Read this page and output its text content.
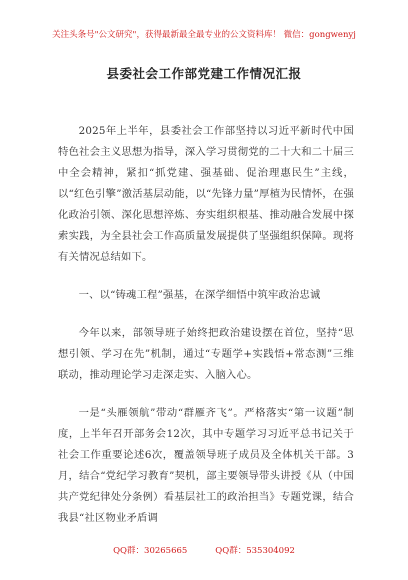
关注头条号"公文研究"，获得最新最全最专业的公文资料库！ 微信：gongwenyj
县委社会工作部党建工作情况汇报

2025年上半年，县委社会工作部坚持以习近平新时代中国特色社会主义思想为指导，深入学习贯彻党的二十大和二十届三中全会精神，紧扣“抓党建、强基础、促治理惠民生”主线，以“红色引擎”激活基层动能，以“先锋力量”厚植为民情怀，在强化政治引领、深化思想淬炼、夯实组织根基、推动融合发展中探索实践，为全县社会工作高质量发展提供了坚强组织保障。现将有关情况总结如下。

一、以“铸魂工程”强基，在深学细悟中筑牢政治忠诚

今年以来，部领导班子始终把政治建设摆在首位，坚持“思想引领、学习在先”机制，通过“专题学+实践悟+常态测”三维联动，推动理论学习走深走实、入脑入心。

一是“头雁领航”带动“群雁齐飞”。严格落实“第一议题”制度，上半年召开部务会12次，其中专题学习习近平总书记关于社会工作重要论述6次，覆盖领导班子成员及全体机关干部。3月，结合“党纪学习教育”契机，部主要领导带头讲授《从（中国共产党纪律处分条例）看基层社工的政治担当》专题党课，结合我县“社区物业矛盾调

QQ群：30265665	QQ群：535304092
